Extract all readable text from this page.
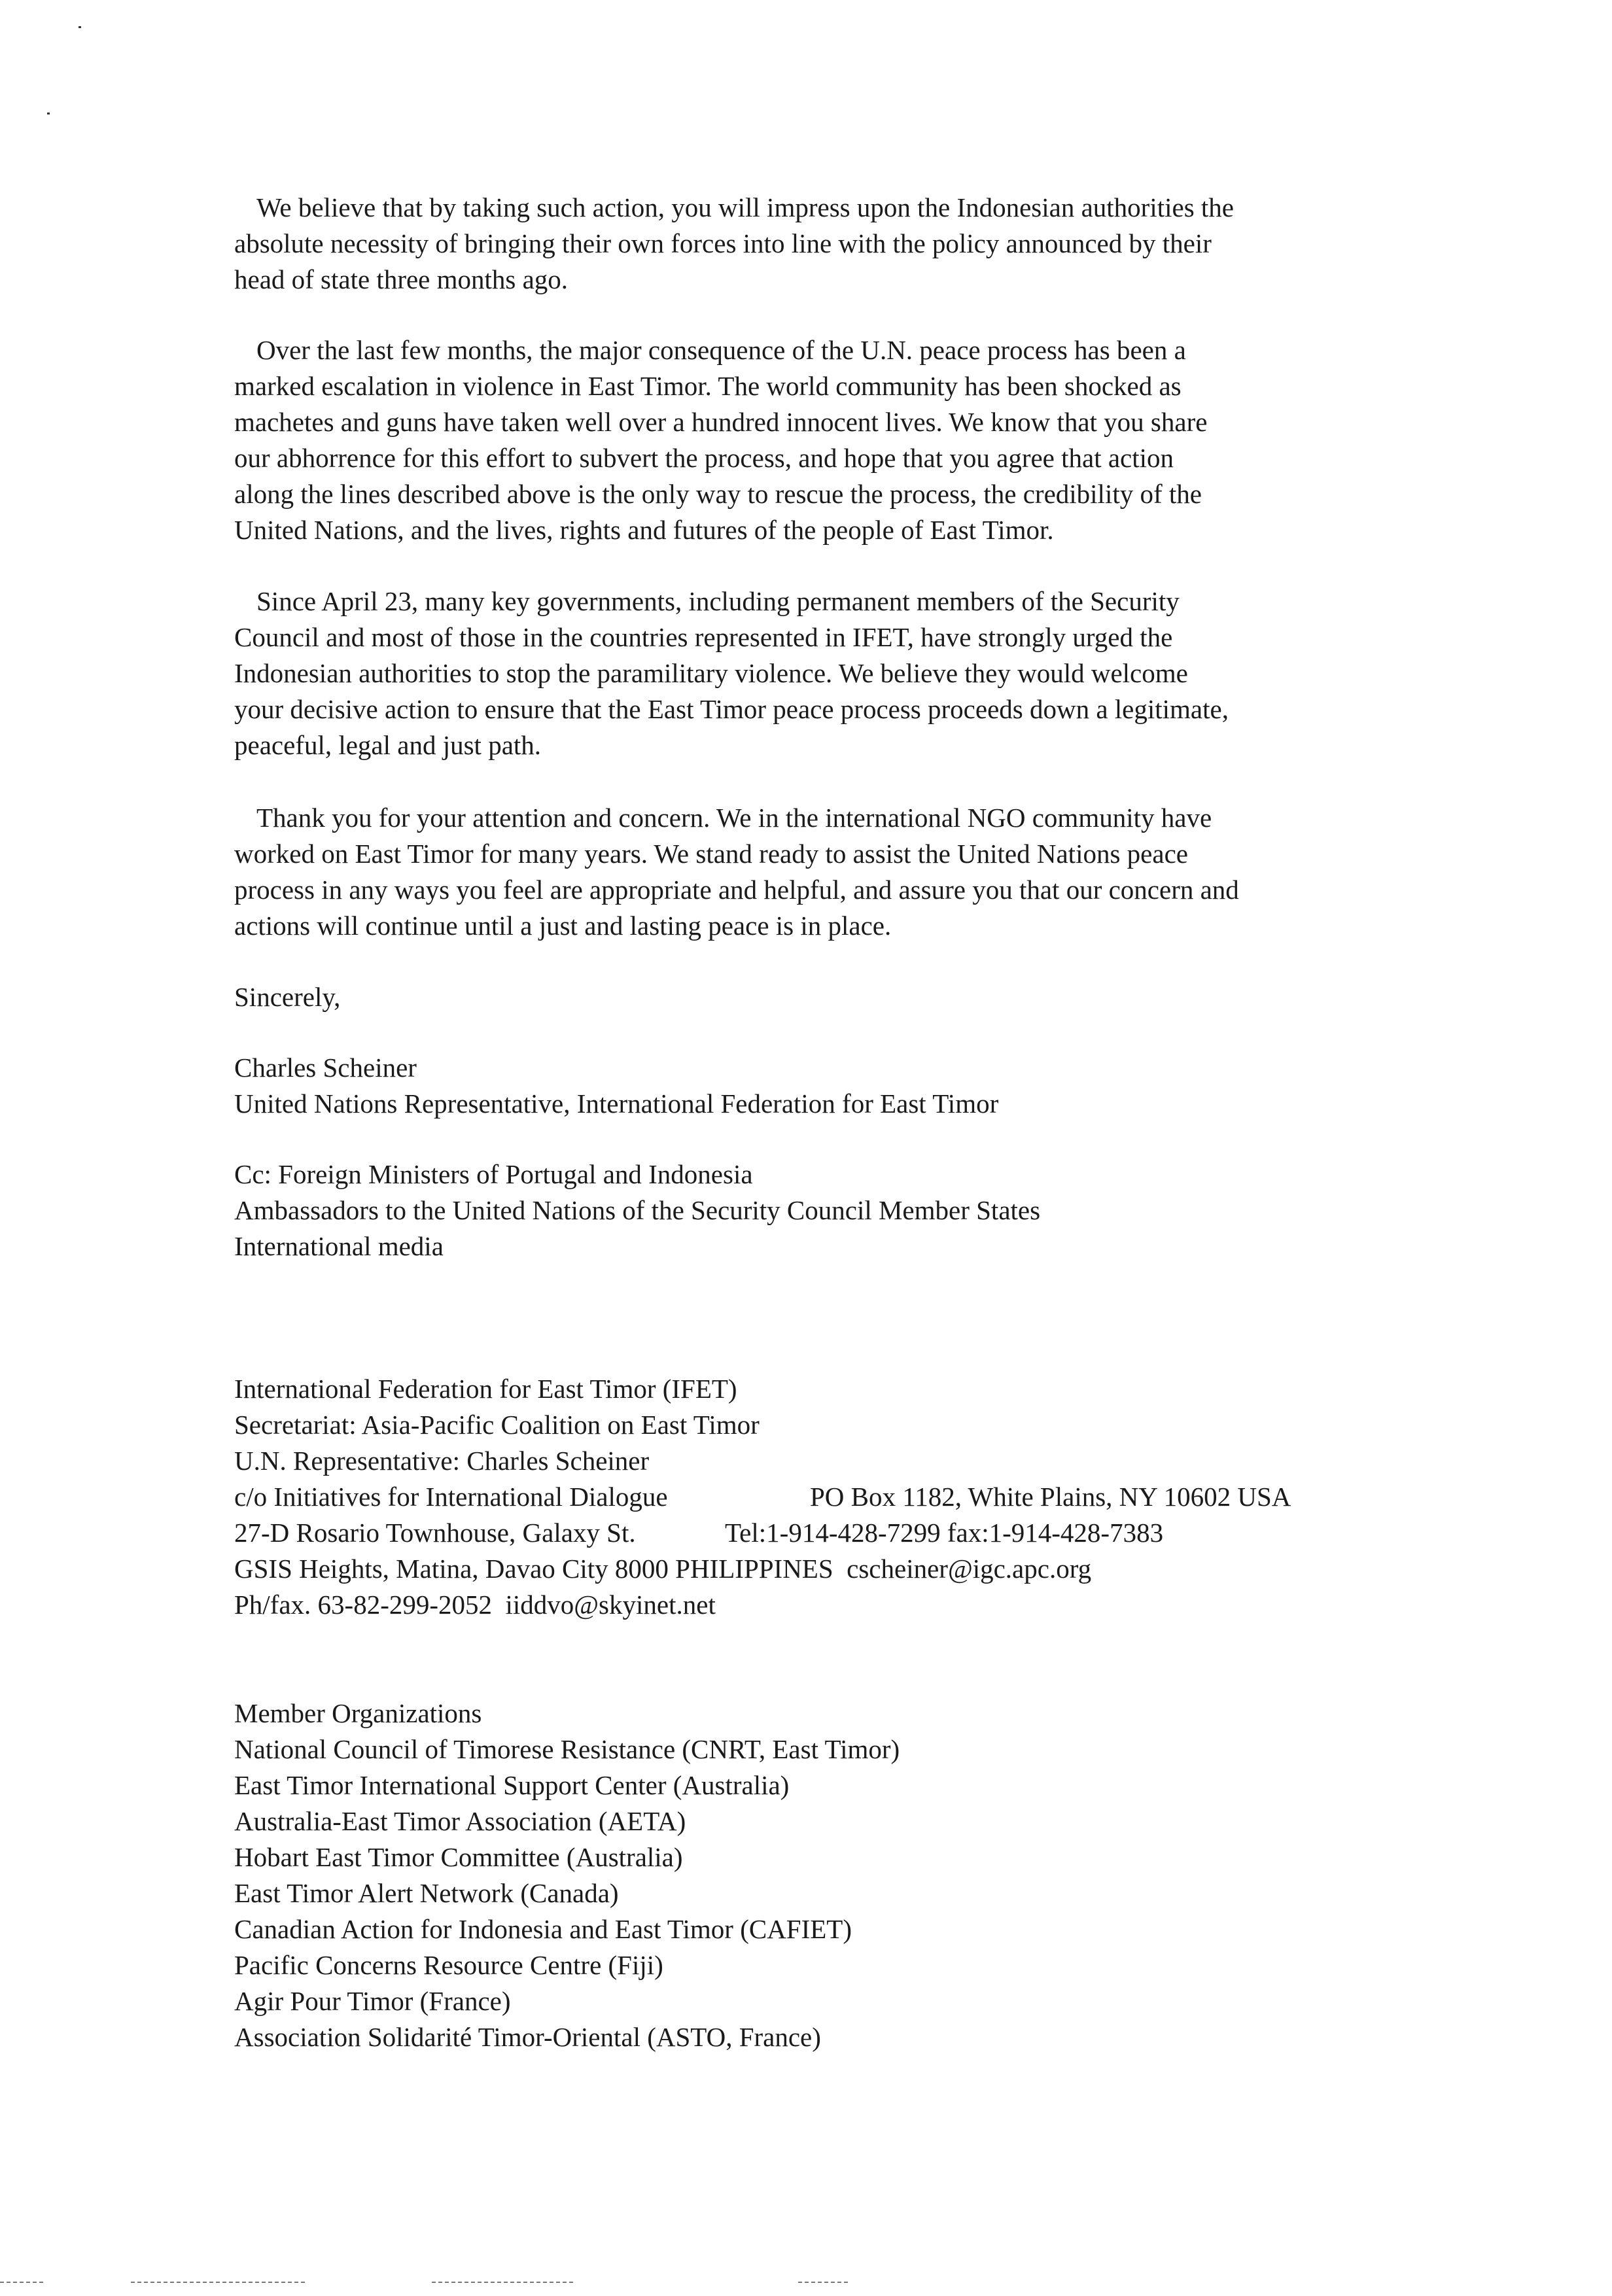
We believe that by taking such action, you will impress upon the Indonesian authorities the
absolute necessity of bringing their own forces into line with the policy announced by their
head of state three months ago.
Over the last few months, the major consequence of the U.N. peace process has been a
marked escalation in violence in East Timor. The world community has been shocked as
machetes and guns have taken well over a hundred innocent lives. We know that you share
our abhorrence for this effort to subvert the process, and hope that you agree that action
along the lines described above is the only way to rescue the process, the credibility of the
United Nations, and the lives, rights and futures of the people of East Timor.
Since April 23, many key governments, including permanent members of the Security
Council and most of those in the countries represented in IFET, have strongly urged the
Indonesian authorities to stop the paramilitary violence. We believe they would welcome
your decisive action to ensure that the East Timor peace process proceeds down a legitimate,
peaceful, legal and just path.
Thank you for your attention and concern. We in the international NGO community have
worked on East Timor for many years. We stand ready to assist the United Nations peace
process in any ways you feel are appropriate and helpful, and assure you that our concern and
actions will continue until a just and lasting peace is in place.
Sincerely,
Charles Scheiner
United Nations Representative, International Federation for East Timor
Cc: Foreign Ministers of Portugal and Indonesia
Ambassadors to the United Nations of the Security Council Member States
International media
International Federation for East Timor (IFET)
Secretariat: Asia-Pacific Coalition on East Timor
U.N. Representative: Charles Scheiner
c/o Initiatives for International Dialogue	PO Box 1182, White Plains, NY 10602 USA
27-D Rosario Townhouse, Galaxy St.	Tel:1-914-428-7299 fax:1-914-428-7383
GSIS Heights, Matina, Davao City 8000 PHILIPPINES cscheiner@igc.apc.org
Ph/fax. 63-82-299-2052 iiddvo@skyinet.net
Member Organizations
National Council of Timorese Resistance (CNRT, East Timor)
East Timor International Support Center (Australia)
Australia-East Timor Association (AETA)
Hobart East Timor Committee (Australia)
East Timor Alert Network (Canada)
Canadian Action for Indonesia and East Timor (CAFIET)
Pacific Concerns Resource Centre (Fiji)
Agir Pour Timor (France)
Association Solidarité Timor-Oriental (ASTO, France)
